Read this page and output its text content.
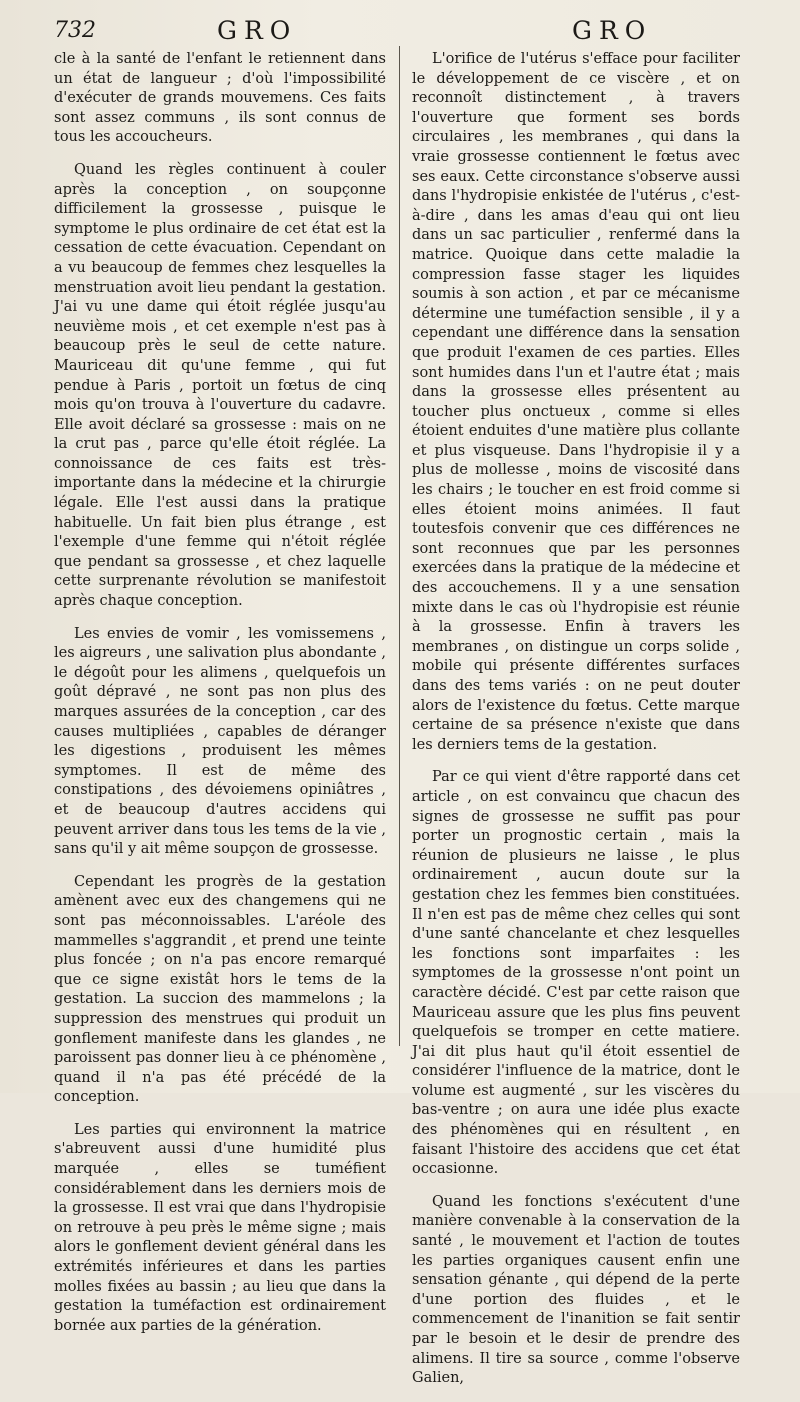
732	GRO	GRO

cle à la santé de l'enfant le retiennent dans un état de langueur ; d'où l'impossibilité d'exécuter de grands mouvemens. Ces faits sont assez communs , ils sont connus de tous les accoucheurs.

Quand les règles continuent à couler après la conception , on soupçonne difficilement la grossesse , puisque le symptome le plus ordinaire de cet état est la cessation de cette évacuation. Cependant on a vu beaucoup de femmes chez lesquelles la menstruation avoit lieu pendant la gestation. J'ai vu une dame qui étoit réglée jusqu'au neuvième mois , et cet exemple n'est pas à beaucoup près le seul de cette nature. Mauriceau dit qu'une femme , qui fut pendue à Paris , portoit un fœtus de cinq mois qu'on trouva à l'ouverture du cadavre. Elle avoit déclaré sa grossesse : mais on ne la crut pas , parce qu'elle étoit réglée. La connoissance de ces faits est très-importante dans la médecine et la chirurgie légale. Elle l'est aussi dans la pratique habituelle. Un fait bien plus étrange , est l'exemple d'une femme qui n'étoit réglée que pendant sa grossesse , et chez laquelle cette surprenante révolution se manifestoit après chaque conception.

Les envies de vomir , les vomissemens , les aigreurs , une salivation plus abondante , le dégoût pour les alimens , quelquefois un goût dépravé , ne sont pas non plus des marques assurées de la conception , car des causes multipliées , capables de déranger les digestions , produisent les mêmes symptomes. Il est de même des constipations , des dévoiemens opiniâtres , et de beaucoup d'autres accidens qui peuvent arriver dans tous les tems de la vie , sans qu'il y ait même soupçon de grossesse.

Cependant les progrès de la gestation amènent avec eux des changemens qui ne sont pas méconnoissables. L'aréole des mammelles s'aggrandit , et prend une teinte plus foncée ; on n'a pas encore remarqué que ce signe existât hors le tems de la gestation. La succion des mammelons ; la suppression des menstrues qui produit un gonflement manifeste dans les glandes , ne paroissent pas donner lieu à ce phénomène , quand il n'a pas été précédé de la conception.

Les parties qui environnent la matrice s'abreuvent aussi d'une humidité plus marquée , elles se tuméfient considérablement dans les derniers mois de la grossesse. Il est vrai que dans l'hydropisie on retrouve à peu près le même signe ; mais alors le gonflement devient général dans les extrémités inférieures et dans les parties molles fixées au bassin ; au lieu que dans la gestation la tuméfaction est ordinairement bornée aux parties de la génération.

L'orifice de l'utérus s'efface pour faciliter le développement de ce viscère , et on reconnoît distinctement , à travers l'ouverture que forment ses bords circulaires , les membranes , qui dans la vraie grossesse contiennent le fœtus avec ses eaux. Cette circonstance s'observe aussi dans l'hydropisie enkistée de l'utérus , c'est-à-dire , dans les amas d'eau qui ont lieu dans un sac particulier , renfermé dans la matrice. Quoique dans cette maladie la compression fasse stager les liquides soumis à son action , et par ce mécanisme détermine une tuméfaction sensible , il y a cependant une différence dans la sensation que produit l'examen de ces parties. Elles sont humides dans l'un et l'autre état ; mais dans la grossesse elles présentent au toucher plus onctueux , comme si elles étoient enduites d'une matière plus collante et plus visqueuse. Dans l'hydropisie il y a plus de mollesse , moins de viscosité dans les chairs ; le toucher en est froid comme si elles étoient moins animées. Il faut toutesfois convenir que ces différences ne sont reconnues que par les personnes exercées dans la pratique de la médecine et des accouchemens. Il y a une sensation mixte dans le cas où l'hydropisie est réunie à la grossesse. Enfin à travers les membranes , on distingue un corps solide , mobile qui présente différentes surfaces dans des tems variés : on ne peut douter alors de l'existence du fœtus. Cette marque certaine de sa présence n'existe que dans les derniers tems de la gestation.

Par ce qui vient d'être rapporté dans cet article , on est convaincu que chacun des signes de grossesse ne suffit pas pour porter un prognostic certain , mais la réunion de plusieurs ne laisse , le plus ordinairement , aucun doute sur la gestation chez les femmes bien constituées. Il n'en est pas de même chez celles qui sont d'une santé chancelante et chez lesquelles les fonctions sont imparfaites : les symptomes de la grossesse n'ont point un caractère décidé. C'est par cette raison que Mauriceau assure que les plus fins peuvent quelquefois se tromper en cette matiere. J'ai dit plus haut qu'il étoit essentiel de considérer l'influence de la matrice, dont le volume est augmenté , sur les viscères du bas-ventre ; on aura une idée plus exacte des phénomènes qui en résultent , en faisant l'histoire des accidens que cet état occasionne.

Quand les fonctions s'exécutent d'une manière convenable à la conservation de la santé , le mouvement et l'action de toutes les parties organiques causent enfin une sensation génante , qui dépend de la perte d'une portion des fluides , et le commencement de l'inanition se fait sentir par le besoin et le desir de prendre des alimens. Il tire sa source , comme l'observe Galien,
